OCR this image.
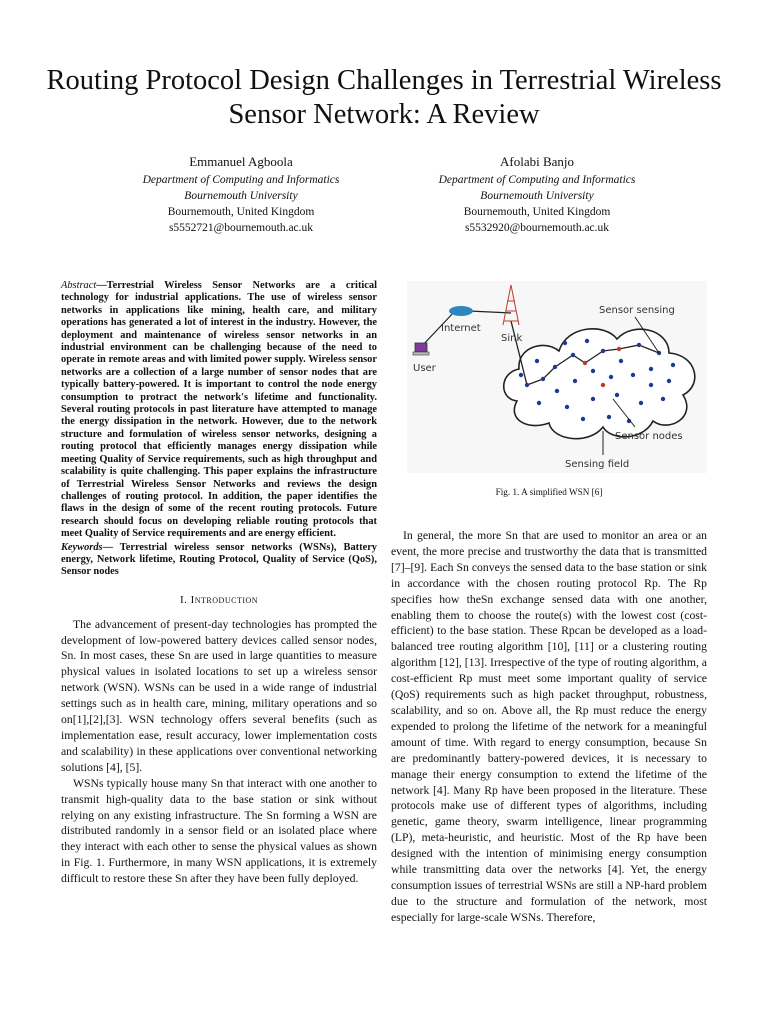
Routing Protocol Design Challenges in Terrestrial Wireless Sensor Network: A Review
Emmanuel Agboola
Department of Computing and Informatics
Bournemouth University
Bournemouth, United Kingdom
s5552721@bournemouth.ac.uk
Afolabi Banjo
Department of Computing and Informatics
Bournemouth University
Bournemouth, United Kingdom
s5532920@bournemouth.ac.uk
Abstract—Terrestrial Wireless Sensor Networks are a critical technology for industrial applications. The use of wireless sensor networks in applications like mining, health care, and military operations has generated a lot of interest in the industry. However, the deployment and maintenance of wireless sensor networks in an industrial environment can be challenging because of the need to operate in remote areas and with limited power supply. Wireless sensor networks are a collection of a large number of sensor nodes that are typically battery-powered. It is important to control the node energy consumption to protract the network's lifetime and functionality. Several routing protocols in past literature have attempted to manage the energy dissipation in the network. However, due to the network structure and formulation of wireless sensor networks, designing a routing protocol that efficiently manages energy dissipation while meeting Quality of Service requirements, such as high throughput and scalability is quite challenging. This paper explains the infrastructure of Terrestrial Wireless Sensor Networks and reviews the design challenges of routing protocol. In addition, the paper identifies the flaws in the design of some of the recent routing protocols. Future research should focus on developing reliable routing protocols that meet Quality of Service requirements and are energy efficient.
Keywords— Terrestrial wireless sensor networks (WSNs), Battery energy, Network lifetime, Routing Protocol, Quality of Service (QoS), Sensor nodes
I. Introduction

The advancement of present-day technologies has prompted the development of low-powered battery devices called sensor nodes, Sn. In most cases, these Sn are used in large quantities to measure physical values in isolated locations to set up a wireless sensor network (WSN). WSNs can be used in a wide range of industrial settings such as in health care, mining, military operations and so on[1],[2],[3]. WSN technology offers several benefits (such as implementation ease, result accuracy, lower implementation costs and scalability) in these applications over conventional networking solutions [4], [5].

WSNs typically house many Sn that interact with one another to transmit high-quality data to the base station or sink without relying on any existing infrastructure. The Sn forming a WSN are distributed randomly in a sensor field or an isolated place where they interact with each other to sense the physical values as shown in Fig. 1. Furthermore, in many WSN applications, it is extremely difficult to restore these Sn after they have been fully deployed.

Internet
Sink
User
Sensor sensing
Sensor nodes
Sensing field
Fig. 1. A simplified WSN [6]

In general, the more Sn that are used to monitor an area or an event, the more precise and trustworthy the data that is transmitted [7]–[9]. Each Sn conveys the sensed data to the base station or sink in accordance with the chosen routing protocol Rp. The Rp specifies how theSn exchange sensed data with one another, enabling them to choose the route(s) with the lowest cost (cost-efficient) to the base station. These Rpcan be developed as a load-balanced tree routing algorithm [10], [11] or a clustering routing algorithm [12], [13]. Irrespective of the type of routing algorithm, a cost-efficient Rp must meet some important quality of service (QoS) requirements such as high packet throughput, robustness, scalability, and so on. Above all, the Rp must reduce the energy expended to prolong the lifetime of the network for a meaningful amount of time. With regard to energy consumption, because Sn are predominantly battery-powered devices, it is necessary to manage their energy consumption to extend the lifetime of the network [4]. Many Rp have been proposed in the literature. These protocols make use of different types of algorithms, including genetic, game theory, swarm intelligence, linear programming (LP), meta-heuristic, and heuristic. Most of the Rp have been designed with the intention of minimising energy consumption while transmitting data over the networks [4]. Yet, the energy consumption issues of terrestrial WSNs are still a NP-hard problem due to the structure and formulation of the network, most especially for large-scale WSNs. Therefore,
